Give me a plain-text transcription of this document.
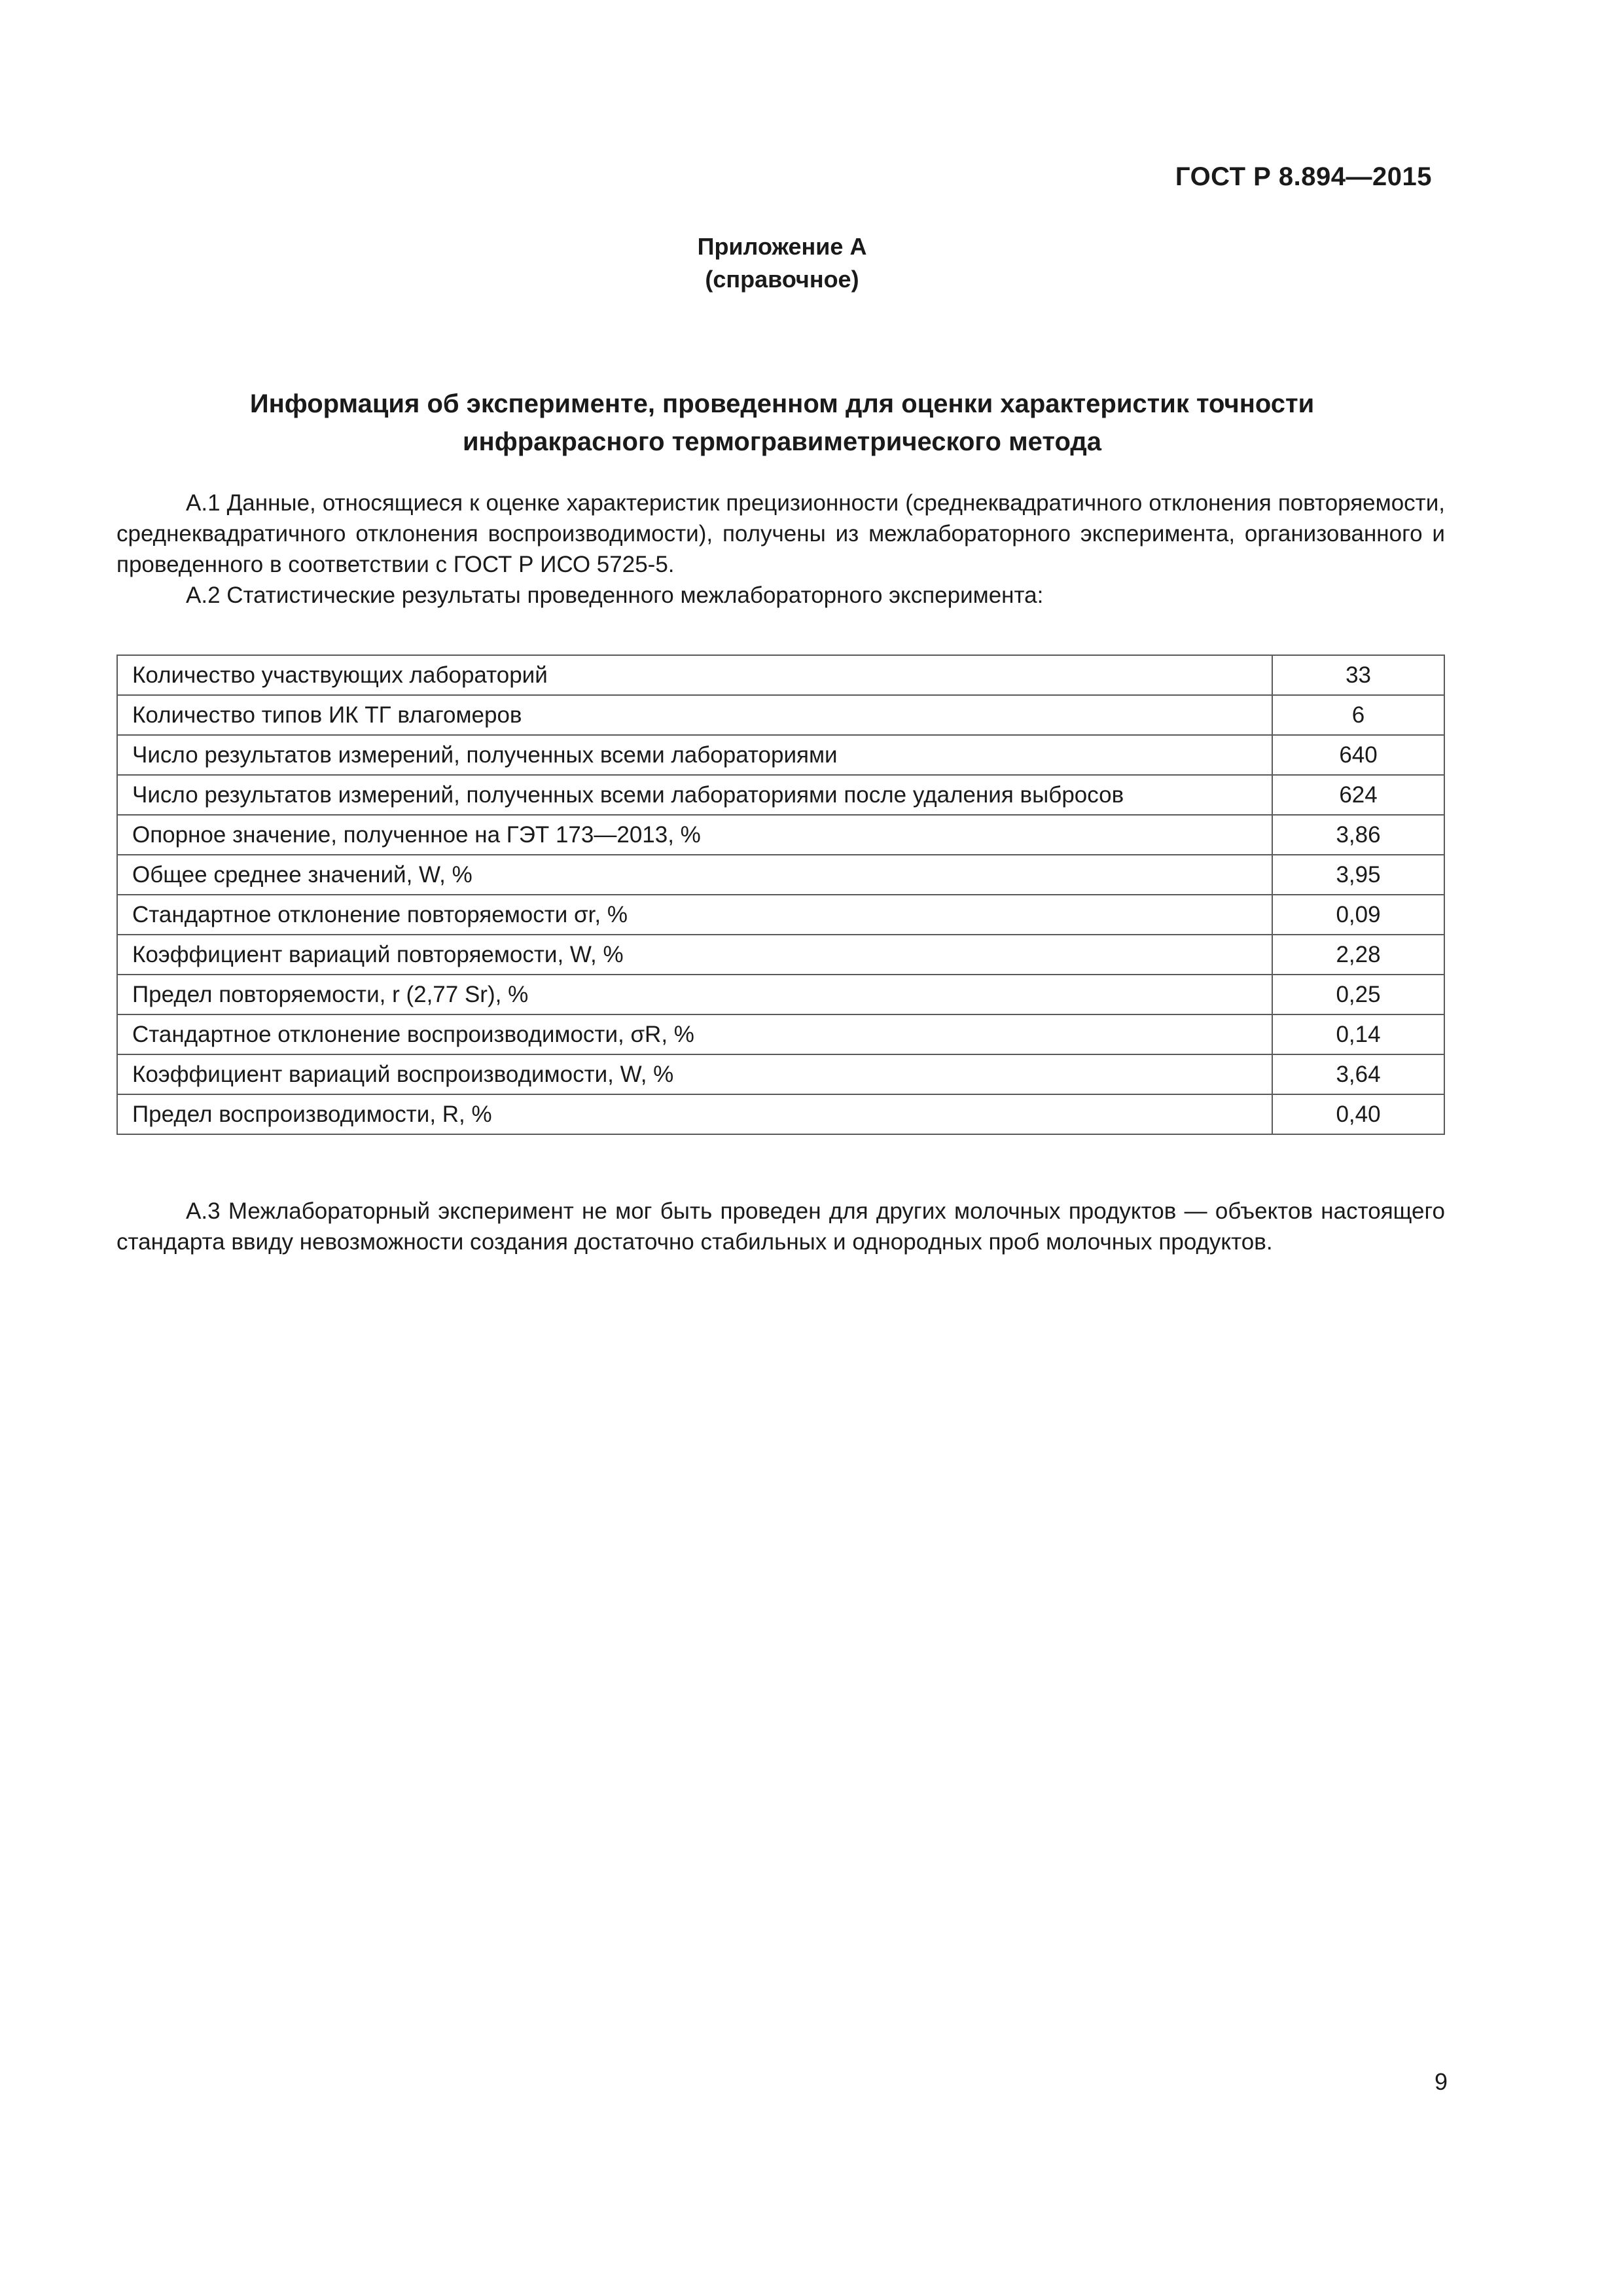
ГОСТ Р 8.894—2015
Приложение А
(справочное)
Информация об эксперименте, проведенном для оценки характеристик точности
инфракрасного термогравиметрического метода

А.1 Данные, относящиеся к оценке характеристик прецизионности (среднеквадратичного отклонения повторяемости, среднеквадратичного отклонения воспроизводимости), получены из межлабораторного эксперимента, организованного и проведенного в соответствии с ГОСТ Р ИСО 5725-5.

А.2 Статистические результаты проведенного межлабораторного эксперимента:

Количество участвующих лабораторий	33
Количество типов ИК ТГ влагомеров	6
Число результатов измерений, полученных всеми лабораториями	640
Число результатов измерений, полученных всеми лабораториями после удаления выбросов	624
Опорное значение, полученное на ГЭТ 173—2013, %	3,86
Общее среднее значений, W, %	3,95
Стандартное отклонение повторяемости σr, %	0,09
Коэффициент вариаций повторяемости, W, %	2,28
Предел повторяемости, r (2,77 Sr), %	0,25
Стандартное отклонение воспроизводимости, σR, %	0,14
Коэффициент вариаций воспроизводимости, W, %	3,64
Предел воспроизводимости, R, %	0,40

А.3 Межлабораторный эксперимент не мог быть проведен для других молочных продуктов — объектов настоящего стандарта ввиду невозможности создания достаточно стабильных и однородных проб молочных продуктов.

9
